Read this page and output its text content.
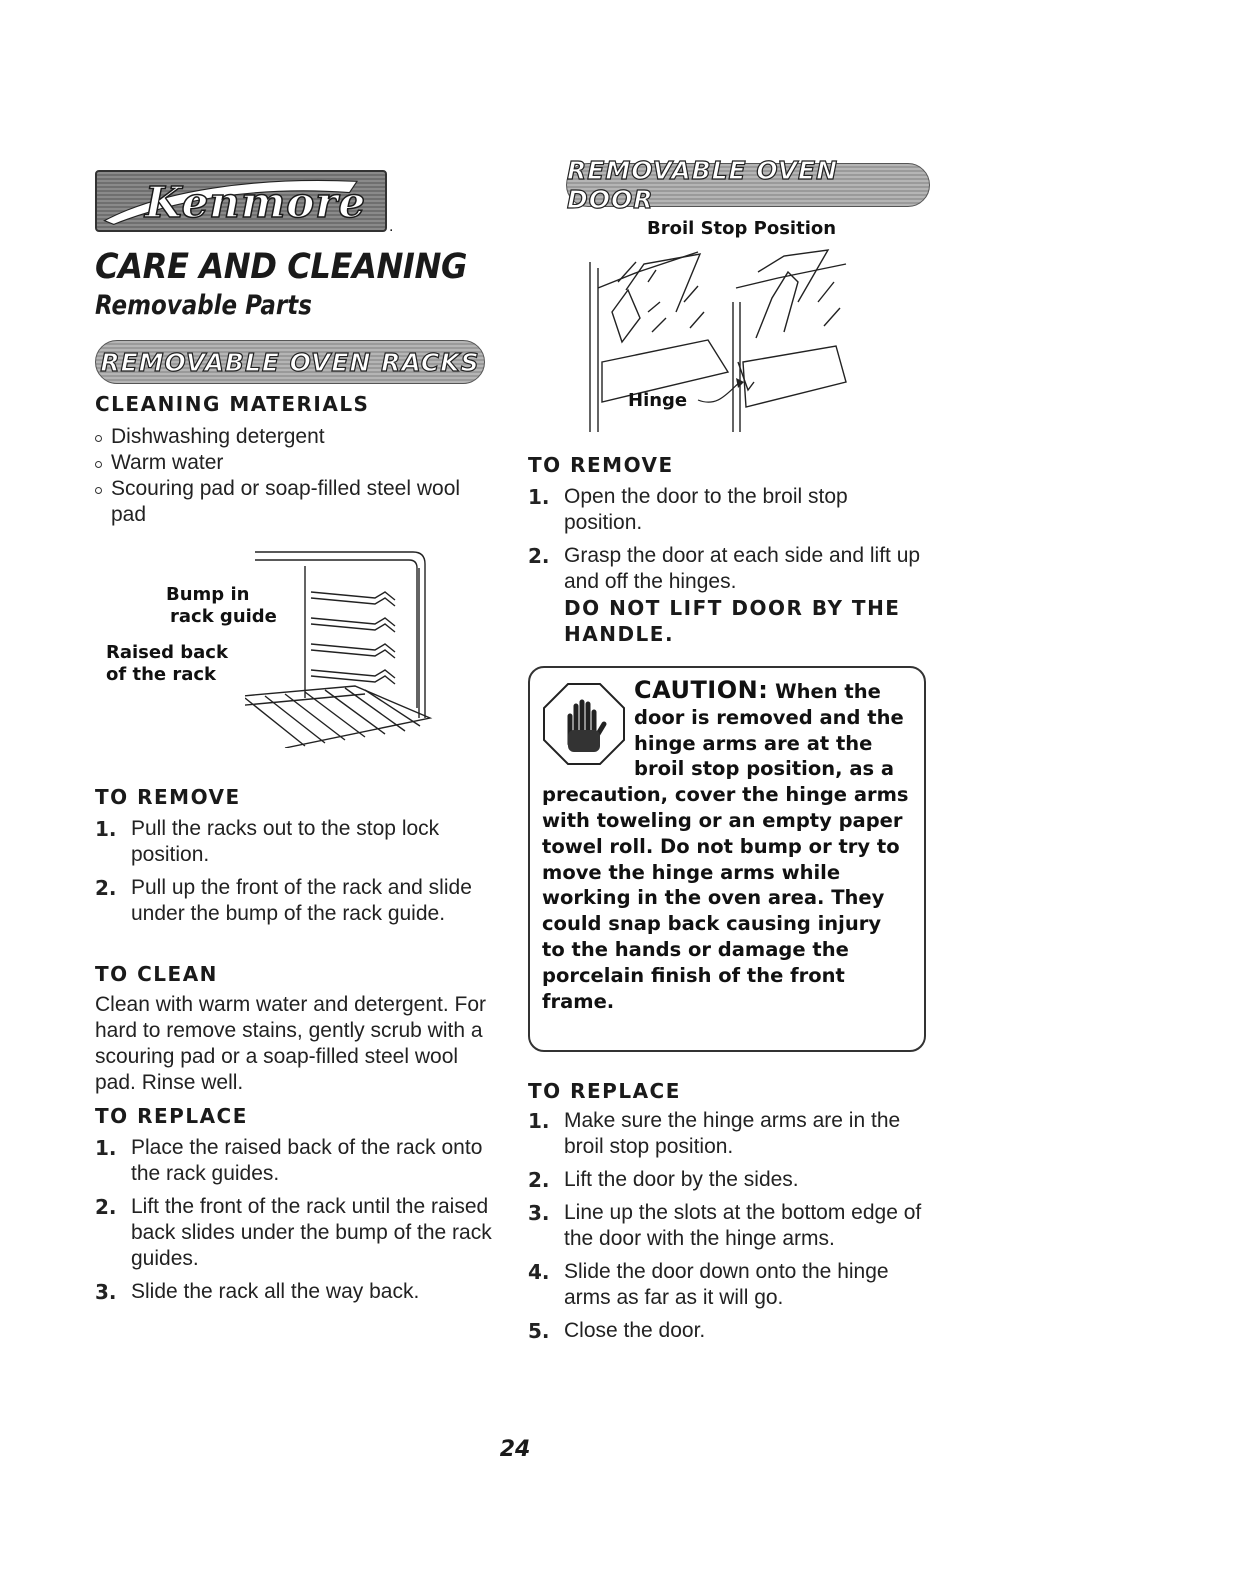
Kenmore .
CARE AND CLEANING
Removable Parts
REMOVABLE OVEN RACKS
CLEANING MATERIALS
Dishwashing detergent
Warm water
Scouring pad or soap-filled steel wool pad
Bump in
rack guide
Raised back
of the rack
TO REMOVE
1. Pull the racks out to the stop lock position.
2. Pull up the front of the rack and slide under the bump of the rack guide.
TO CLEAN

Clean with warm water and detergent. For hard to remove stains, gently scrub with a scouring pad or a soap-filled steel wool pad. Rinse well.

TO REPLACE
1. Place the raised back of the rack onto the rack guides.
2. Lift the front of the rack until the raised back slides under the bump of the rack guides.
3. Slide the rack all the way back.
REMOVABLE OVEN DOOR
Broil Stop Position
Hinge
TO REMOVE
1. Open the door to the broil stop position.
2. Grasp the door at each side and lift up and off the hinges.
DO NOT LIFT DOOR BY THE HANDLE.
CAUTION: When the door is removed and the hinge arms are at the broil stop position, as a precaution, cover the hinge arms with toweling or an empty paper towel roll. Do not bump or try to move the hinge arms while working in the oven area. They could snap back causing injury to the hands or damage the porcelain finish of the front frame.
TO REPLACE
1. Make sure the hinge arms are in the broil stop position.
2. Lift the door by the sides.
3. Line up the slots at the bottom edge of the door with the hinge arms.
4. Slide the door down onto the hinge arms as far as it will go.
5. Close the door.
24
